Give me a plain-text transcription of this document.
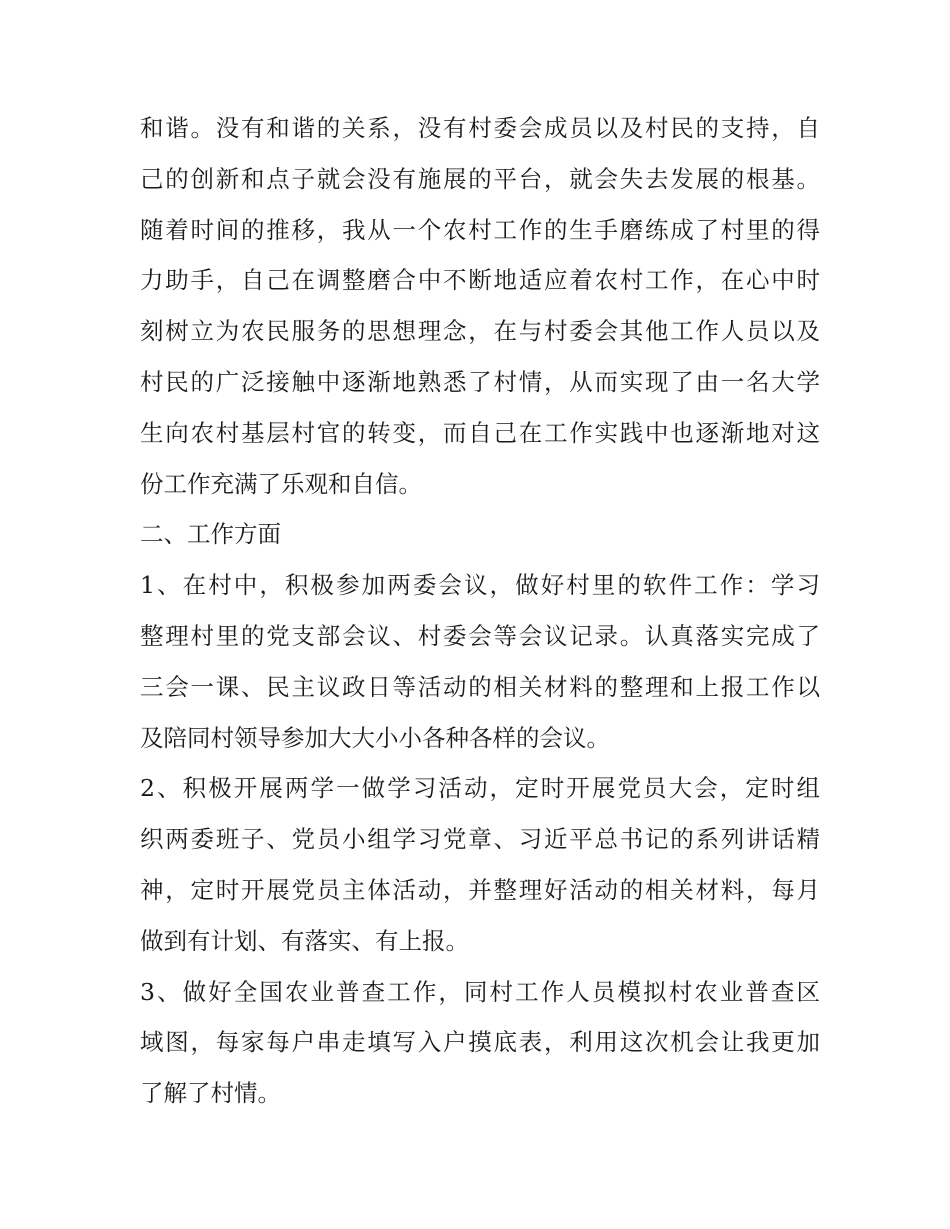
和谐。没有和谐的关系，没有村委会成员以及村民的支持，自
己的创新和点子就会没有施展的平台，就会失去发展的根基。
随着时间的推移，我从一个农村工作的生手磨练成了村里的得
力助手，自己在调整磨合中不断地适应着农村工作，在心中时
刻树立为农民服务的思想理念，在与村委会其他工作人员以及
村民的广泛接触中逐渐地熟悉了村情，从而实现了由一名大学
生向农村基层村官的转变，而自己在工作实践中也逐渐地对这
份工作充满了乐观和自信。
二、工作方面
1、在村中，积极参加两委会议，做好村里的软件工作：学习
整理村里的党支部会议、村委会等会议记录。认真落实完成了
三会一课、民主议政日等活动的相关材料的整理和上报工作以
及陪同村领导参加大大小小各种各样的会议。
2、积极开展两学一做学习活动，定时开展党员大会，定时组
织两委班子、党员小组学习党章、习近平总书记的系列讲话精
神，定时开展党员主体活动，并整理好活动的相关材料，每月
做到有计划、有落实、有上报。
3、做好全国农业普查工作，同村工作人员模拟村农业普查区
域图，每家每户串走填写入户摸底表，利用这次机会让我更加
了解了村情。
